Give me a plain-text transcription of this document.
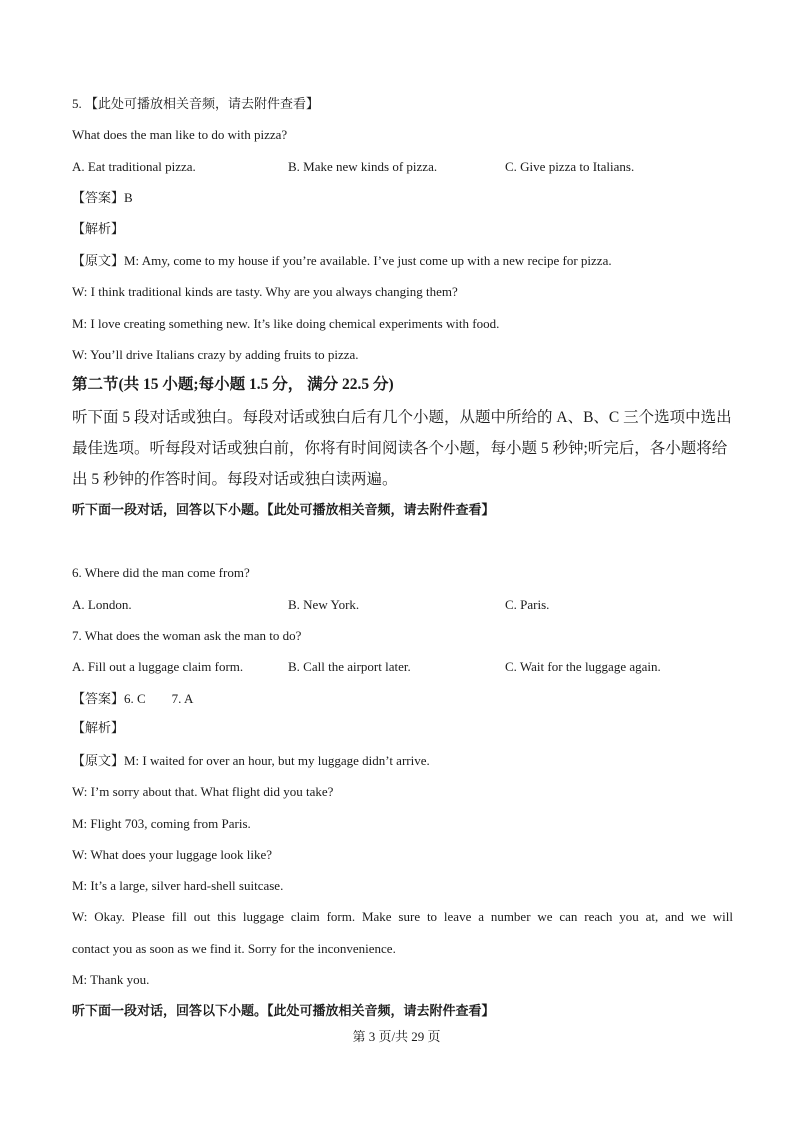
5. 【此处可播放相关音频，请去附件查看】
What does the man like to do with pizza?
A. Eat traditional pizza.	B. Make new kinds of pizza.	C. Give pizza to Italians.
【答案】B
【解析】
【原文】M: Amy, come to my house if you’re available. I’ve just come up with a new recipe for pizza.
W: I think traditional kinds are tasty. Why are you always changing them?
M: I love creating something new. It’s like doing chemical experiments with food.
W: You’ll drive Italians crazy by adding fruits to pizza.
第二节(共 15 小题;每小题 1.5 分， 满分 22.5 分)
听下面 5 段对话或独白。每段对话或独白后有几个小题，从题中所给的 A、B、C 三个选项中选出最佳选项。听每段对话或独白前，你将有时间阅读各个小题，每小题 5 秒钟;听完后，各小题将给出 5 秒钟的作答时间。每段对话或独白读两遍。
听下面一段对话，回答以下小题。【此处可播放相关音频，请去附件查看】
6. Where did the man come from?
A. London.	B. New York.	C. Paris.
7. What does the woman ask the man to do?
A. Fill out a luggage claim form.	B. Call the airport later.	C. Wait for the luggage again.
【答案】6. C        7. A
【解析】
【原文】M: I waited for over an hour, but my luggage didn’t arrive.
W: I’m sorry about that. What flight did you take?
M: Flight 703, coming from Paris.
W: What does your luggage look like?
M: It’s a large, silver hard-shell suitcase.
W: Okay. Please fill out this luggage claim form. Make sure to leave a number we can reach you at, and we will
contact you as soon as we find it. Sorry for the inconvenience.
M: Thank you.
听下面一段对话，回答以下小题。【此处可播放相关音频，请去附件查看】
第 3 页/共 29 页
